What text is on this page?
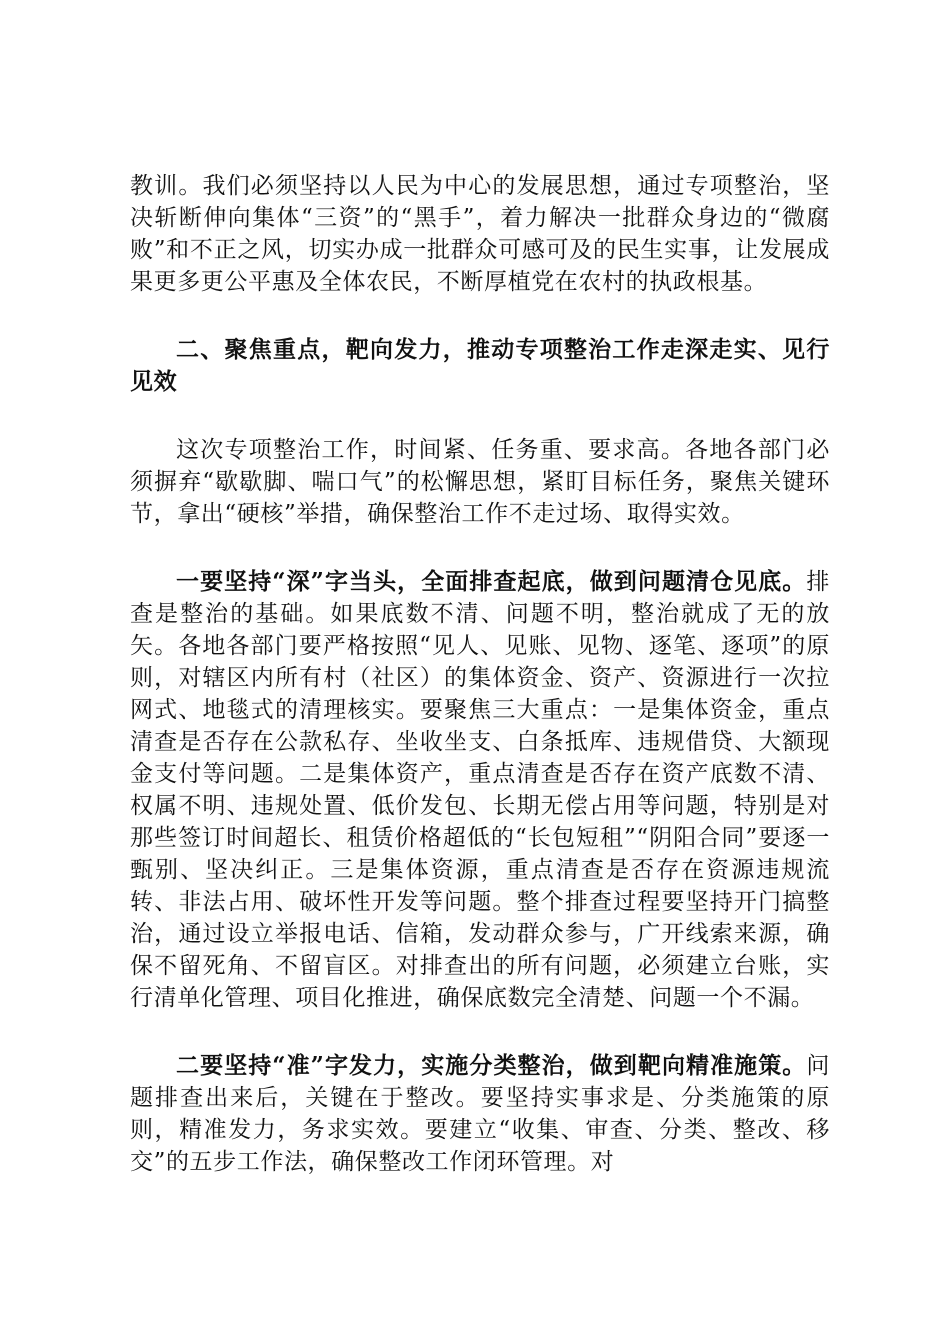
教训。我们必须坚持以人民为中心的发展思想，通过专项整治，坚决斩断伸向集体“三资”的“黑手”，着力解决一批群众身边的“微腐败”和不正之风，切实办成一批群众可感可及的民生实事，让发展成果更多更公平惠及全体农民，不断厚植党在农村的执政根基。

二、聚焦重点，靶向发力，推动专项整治工作走深走实、见行见效

这次专项整治工作，时间紧、任务重、要求高。各地各部门必须摒弃“歇歇脚、喘口气”的松懈思想，紧盯目标任务，聚焦关键环节，拿出“硬核”举措，确保整治工作不走过场、取得实效。

一要坚持“深”字当头，全面排查起底，做到问题清仓见底。排查是整治的基础。如果底数不清、问题不明，整治就成了无的放矢。各地各部门要严格按照“见人、见账、见物、逐笔、逐项”的原则，对辖区内所有村（社区）的集体资金、资产、资源进行一次拉网式、地毯式的清理核实。要聚焦三大重点：一是集体资金，重点清查是否存在公款私存、坐收坐支、白条抵库、违规借贷、大额现金支付等问题。二是集体资产，重点清查是否存在资产底数不清、权属不明、违规处置、低价发包、长期无偿占用等问题，特别是对那些签订时间超长、租赁价格超低的“长包短租”“阴阳合同”要逐一甄别、坚决纠正。三是集体资源，重点清查是否存在资源违规流转、非法占用、破坏性开发等问题。整个排查过程要坚持开门搞整治，通过设立举报电话、信箱，发动群众参与，广开线索来源，确保不留死角、不留盲区。对排查出的所有问题，必须建立台账，实行清单化管理、项目化推进，确保底数完全清楚、问题一个不漏。

二要坚持“准”字发力，实施分类整治，做到靶向精准施策。问题排查出来后，关键在于整改。要坚持实事求是、分类施策的原则，精准发力，务求实效。要建立“收集、审查、分类、整改、移交”的五步工作法，确保整改工作闭环管理。对
